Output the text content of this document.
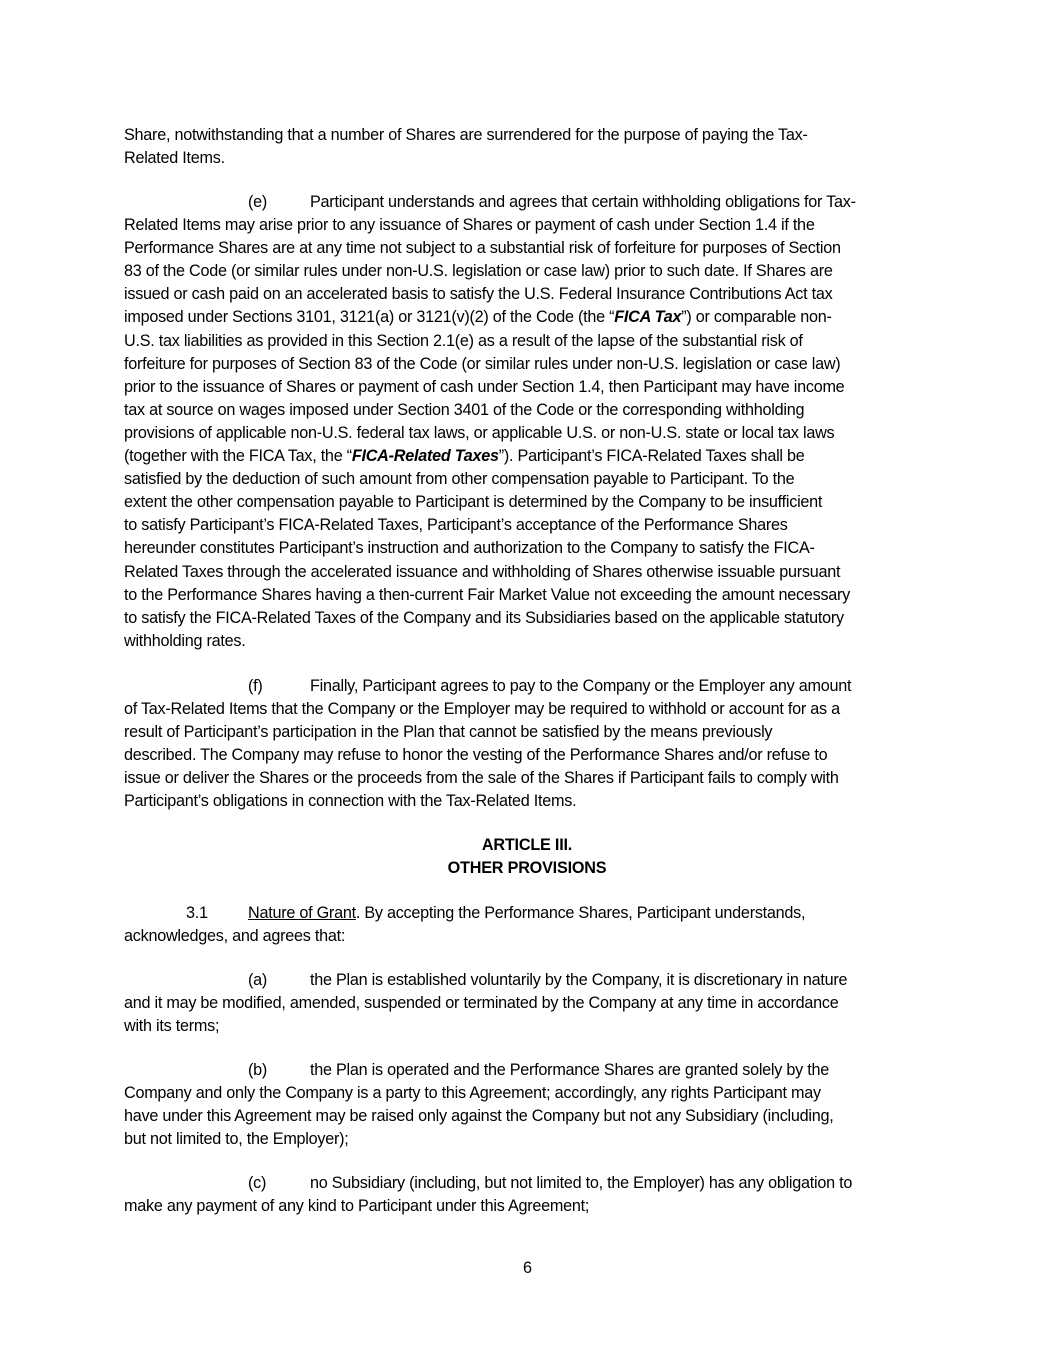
Share, notwithstanding that a number of Shares are surrendered for the purpose of paying the Tax-
Related Items.
(e)	Participant understands and agrees that certain withholding obligations for Tax-
Related Items may arise prior to any issuance of Shares or payment of cash under Section 1.4 if the
Performance Shares are at any time not subject to a substantial risk of forfeiture for purposes of Section
83 of the Code (or similar rules under non-U.S. legislation or case law) prior to such date. If Shares are
issued or cash paid on an accelerated basis to satisfy the U.S. Federal Insurance Contributions Act tax
imposed under Sections 3101, 3121(a) or 3121(v)(2) of the Code (the “FICA Tax”) or comparable non-
U.S. tax liabilities as provided in this Section 2.1(e) as a result of the lapse of the substantial risk of
forfeiture for purposes of Section 83 of the Code (or similar rules under non-U.S. legislation or case law)
prior to the issuance of Shares or payment of cash under Section 1.4, then Participant may have income
tax at source on wages imposed under Section 3401 of the Code or the corresponding withholding
provisions of applicable non-U.S. federal tax laws, or applicable U.S. or non-U.S. state or local tax laws
(together with the FICA Tax, the “FICA-Related Taxes”). Participant’s FICA-Related Taxes shall be
satisfied by the deduction of such amount from other compensation payable to Participant. To the
extent the other compensation payable to Participant is determined by the Company to be insufficient
to satisfy Participant’s FICA-Related Taxes, Participant’s acceptance of the Performance Shares
hereunder constitutes Participant’s instruction and authorization to the Company to satisfy the FICA-
Related Taxes through the accelerated issuance and withholding of Shares otherwise issuable pursuant
to the Performance Shares having a then-current Fair Market Value not exceeding the amount necessary
to satisfy the FICA-Related Taxes of the Company and its Subsidiaries based on the applicable statutory
withholding rates.
(f)	Finally, Participant agrees to pay to the Company or the Employer any amount
of Tax-Related Items that the Company or the Employer may be required to withhold or account for as a
result of Participant’s participation in the Plan that cannot be satisfied by the means previously
described. The Company may refuse to honor the vesting of the Performance Shares and/or refuse to
issue or deliver the Shares or the proceeds from the sale of the Shares if Participant fails to comply with
Participant’s obligations in connection with the Tax-Related Items.
ARTICLE III.
OTHER PROVISIONS
3.1 Nature of Grant. By accepting the Performance Shares, Participant understands,
acknowledges, and agrees that:
(a)	the Plan is established voluntarily by the Company, it is discretionary in nature
and it may be modified, amended, suspended or terminated by the Company at any time in accordance
with its terms;
(b)	the Plan is operated and the Performance Shares are granted solely by the
Company and only the Company is a party to this Agreement; accordingly, any rights Participant may
have under this Agreement may be raised only against the Company but not any Subsidiary (including,
but not limited to, the Employer);
(c)	no Subsidiary (including, but not limited to, the Employer) has any obligation to
make any payment of any kind to Participant under this Agreement;
6
